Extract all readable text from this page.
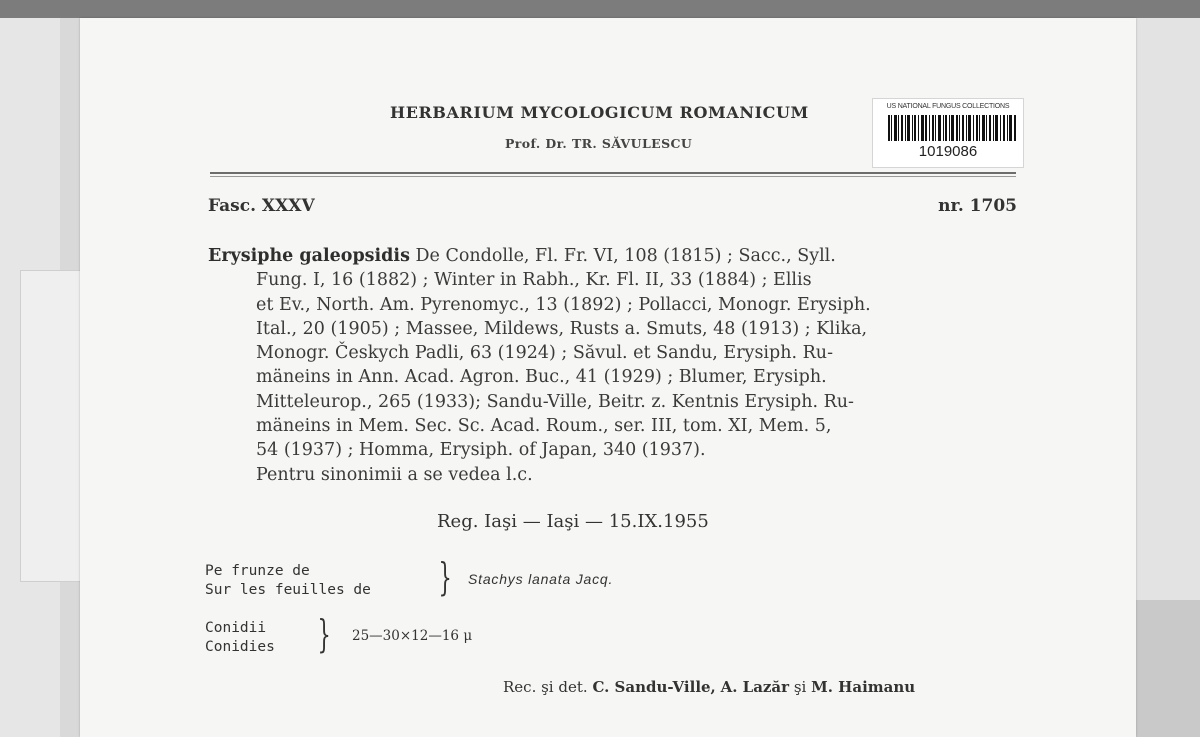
HERBARIUM MYCOLOGICUM ROMANICUM
Prof. Dr. TR. SĂVULESCU
US NATIONAL FUNGUS COLLECTIONS
1019086
Fasc. XXXV	nr. 1705
Erysiphe galeopsidis De Condolle, Fl. Fr. VI, 108 (1815) ; Sacc., Syll.
Fung. I, 16 (1882) ; Winter in Rabh., Kr. Fl. II, 33 (1884) ; Ellis
et Ev., North. Am. Pyrenomyc., 13 (1892) ; Pollacci, Monogr. Erysiph.
Ital., 20 (1905) ; Massee, Mildews, Rusts a. Smuts, 48 (1913) ; Klika,
Monogr. Českych Padli, 63 (1924) ; Săvul. et Sandu, Erysiph. Ru-
mäneins in Ann. Acad. Agron. Buc., 41 (1929) ; Blumer, Erysiph.
Mitteleurop., 265 (1933); Sandu-Ville, Beitr. z. Kentnis Erysiph. Ru-
mäneins in Mem. Sec. Sc. Acad. Roum., ser. III, tom. XI, Mem. 5,
54 (1937) ; Homma, Erysiph. of Japan, 340 (1937).
Pentru sinonimii a se vedea l.c.
Reg. Iaşi — Iaşi — 15.IX.1955
Pe frunze de
Sur les feuilles de } Stachys lanata Jacq.
Conidii
Conidies } 25—30×12—16 μ
Rec. şi det. C. Sandu-Ville, A. Lazăr şi M. Haimanu
